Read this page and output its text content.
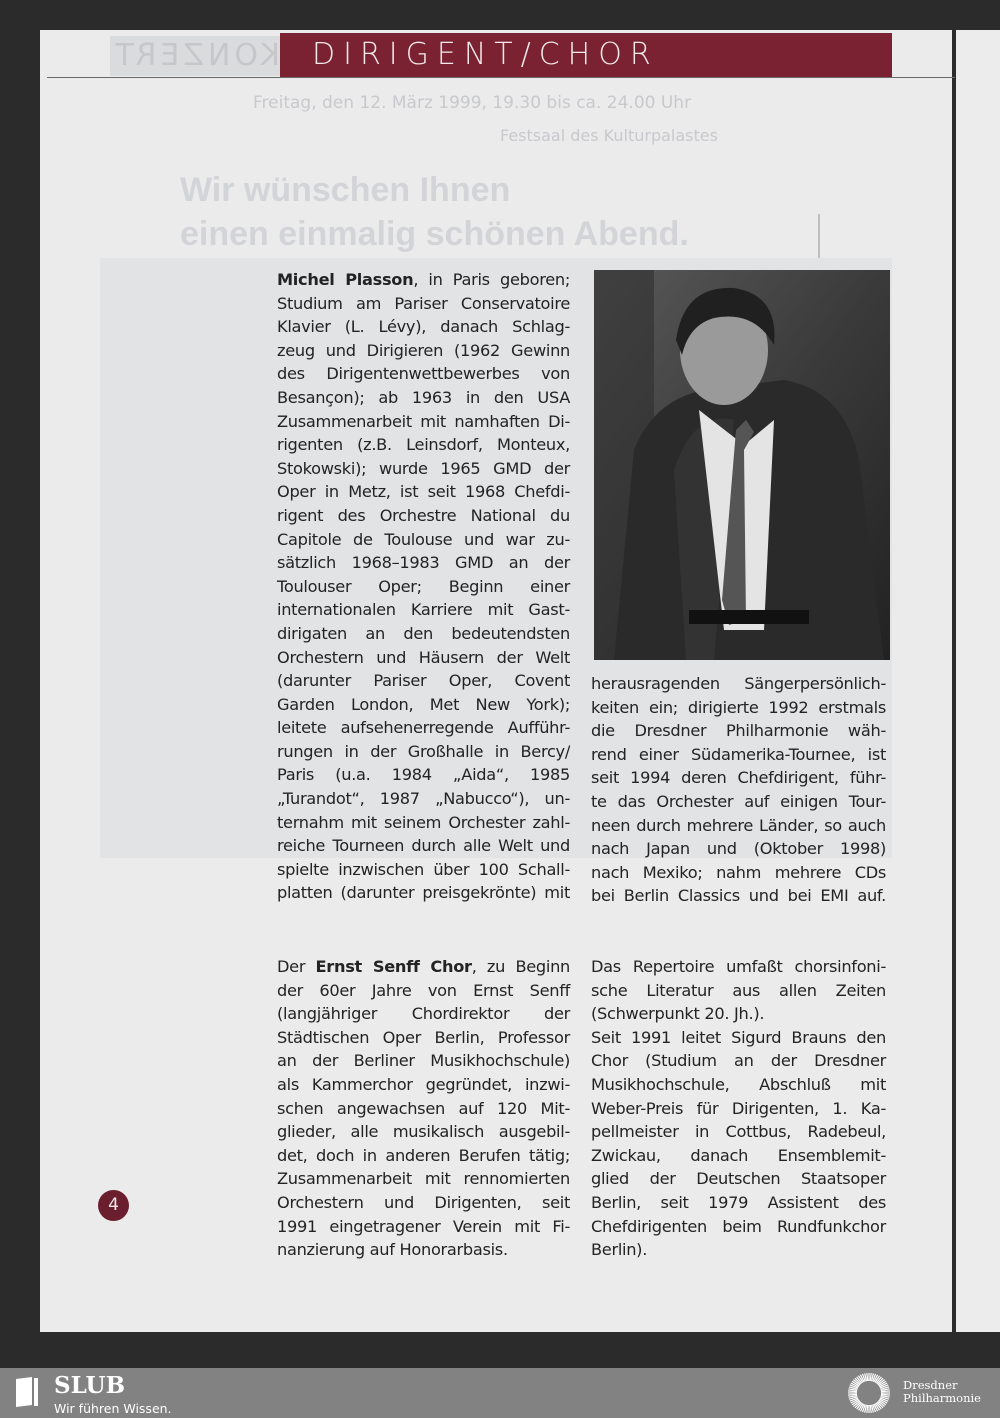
KONZERT DIRIGENT/CHOR
Freitag, den 12. März 1999, 19.30 bis ca. 24.00 Uhr
Festsaal des Kulturpalastes
Wir wünschen Ihnen
einen einmalig schönen Abend.
Michel Plasson, in Paris geboren;
Studium am Pariser Conservatoire
Klavier (L. Lévy), danach Schlag-
zeug und Dirigieren (1962 Gewinn
des Dirigentenwettbewerbes von
Besançon); ab 1963 in den USA
Zusammenarbeit mit namhaften Di-
rigenten (z.B. Leinsdorf, Monteux,
Stokowski); wurde 1965 GMD der
Oper in Metz, ist seit 1968 Chefdi-
rigent des Orchestre National du
Capitole de Toulouse und war zu-
sätzlich 1968–1983 GMD an der
Toulouser Oper; Beginn einer
internationalen Karriere mit Gast-
dirigaten an den bedeutendsten
Orchestern und Häusern der Welt
(darunter Pariser Oper, Covent
Garden London, Met New York);
leitete aufsehenerregende Aufführ-
rungen in der Großhalle in Bercy/
Paris (u.a. 1984 „Aida“, 1985
„Turandot“, 1987 „Nabucco“), un-
ternahm mit seinem Orchester zahl-
reiche Tourneen durch alle Welt und
spielte inzwischen über 100 Schall-
platten (darunter preisgekrönte) mit
herausragenden Sängerpersönlich-
keiten ein; dirigierte 1992 erstmals
die Dresdner Philharmonie wäh-
rend einer Südamerika-Tournee, ist
seit 1994 deren Chefdirigent, führ-
te das Orchester auf einigen Tour-
neen durch mehrere Länder, so auch
nach Japan und (Oktober 1998)
nach Mexiko; nahm mehrere CDs
bei Berlin Classics und bei EMI auf.
Der Ernst Senff Chor, zu Beginn
der 60er Jahre von Ernst Senff
(langjähriger Chordirektor der
Städtischen Oper Berlin, Professor
an der Berliner Musikhochschule)
als Kammerchor gegründet, inzwi-
schen angewachsen auf 120 Mit-
glieder, alle musikalisch ausgebil-
det, doch in anderen Berufen tätig;
Zusammenarbeit mit rennomierten
Orchestern und Dirigenten, seit
1991 eingetragener Verein mit Fi-
nanzierung auf Honorarbasis.
Das Repertoire umfaßt chorsinfoni-
sche Literatur aus allen Zeiten
(Schwerpunkt 20. Jh.).
Seit 1991 leitet Sigurd Brauns den
Chor (Studium an der Dresdner
Musikhochschule, Abschluß mit
Weber-Preis für Dirigenten, 1. Ka-
pellmeister in Cottbus, Radebeul,
Zwickau, danach Ensemblemit-
glied der Deutschen Staatsoper
Berlin, seit 1979 Assistent des
Chefdirigenten beim Rundfunkchor
Berlin).
4
SLUB
Wir führen Wissen.
Dresdner
Philharmonie
